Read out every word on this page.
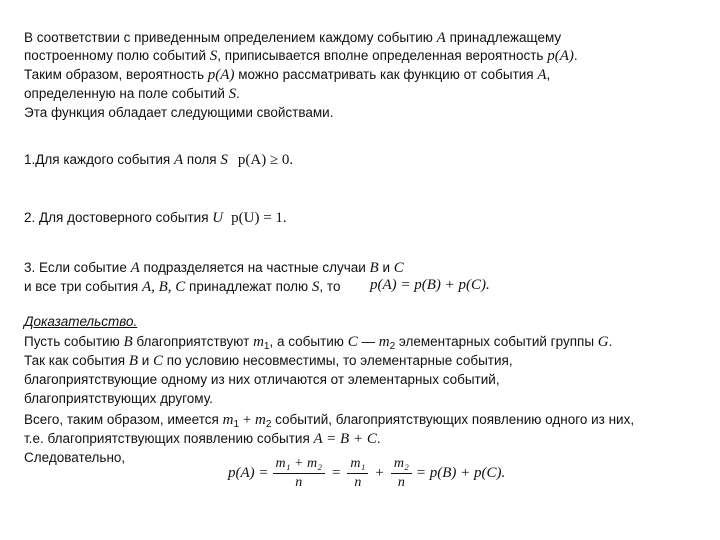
В соответствии с приведенным определением каждому событию A принадлежащему
построенному полю событий S, приписывается вполне определенная вероятность p(A).
Таким образом, вероятность p(A) можно рассматривать как функцию от события A,
определенную на поле событий S.
Эта функция обладает следующими свойствами.
1.Для каждого события A поля S p(A) ≥ 0.
2. Для достоверного события U p(U) = 1.
3. Если событие A подразделяется на частные случаи B и C
и все три события A, B, C принадлежат полю S, то p(A) = p(B) + p(C).
Доказательство.
Пусть событию B благоприятствуют $m_1$, а событию C — $m_2$ элементарных событий группы G.
Так как события B и C по условию несовместимы, то элементарные события,
благоприятствующие одному из них отличаются от элементарных событий,
благоприятствующих другому.
Всего, таким образом, имеется $m_1 + m_2$ событий, благоприятствующих появлению одного из них,
т.е. благоприятствующих появлению события A = B + C.
Следовательно,
$p(A) = \frac{\text{m₁ + m₂}}{n} = \frac{\text{m₁}}{n} + \frac{\text{m₂}}{n} = p(B) + p(C)$.
